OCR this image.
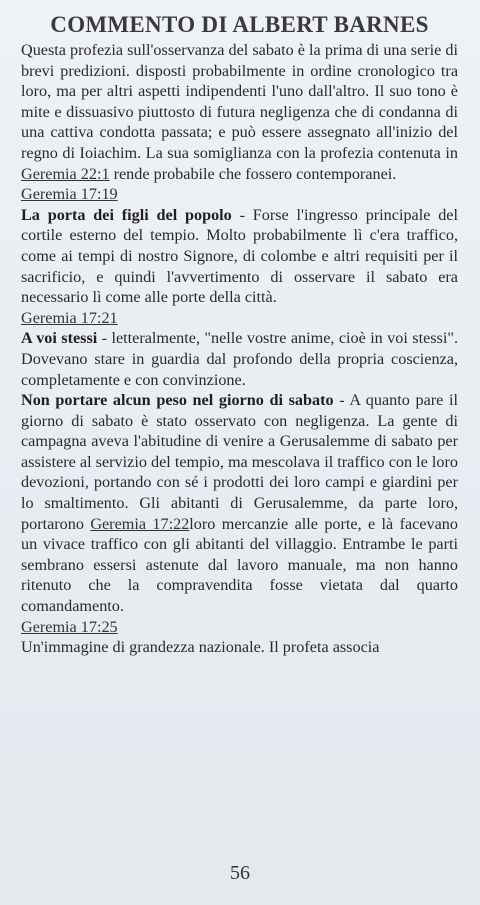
COMMENTO DI ALBERT BARNES

Questa profezia sull'osservanza del sabato è la prima di una serie di brevi predizioni. disposti probabilmente in ordine cronologico tra loro, ma per altri aspetti indipendenti l'uno dall'altro. Il suo tono è mite e dissuasivo piuttosto di futura negligenza che di condanna di una cattiva condotta passata; e può essere assegnato all'inizio del regno di Ioiachim. La sua somiglianza con la profezia contenuta in Geremia 22:1 rende probabile che fossero contemporanei.

Geremia 17:19

La porta dei figli del popolo - Forse l'ingresso principale del cortile esterno del tempio. Molto probabilmente lì c'era traffico, come ai tempi di nostro Signore, di colombe e altri requisiti per il sacrificio, e quindi l'avvertimento di osservare il sabato era necessario lì come alle porte della città.

Geremia 17:21

A voi stessi - letteralmente, "nelle vostre anime, cioè in voi stessi". Dovevano stare in guardia dal profondo della propria coscienza, completamente e con convinzione.

Non portare alcun peso nel giorno di sabato - A quanto pare il giorno di sabato è stato osservato con negligenza. La gente di campagna aveva l'abitudine di venire a Gerusalemme di sabato per assistere al servizio del tempio, ma mescolava il traffico con le loro devozioni, portando con sé i prodotti dei loro campi e giardini per lo smaltimento. Gli abitanti di Gerusalemme, da parte loro, portarono Geremia 17:22loro mercanzie alle porte, e là facevano un vivace traffico con gli abitanti del villaggio. Entrambe le parti sembrano essersi astenute dal lavoro manuale, ma non hanno ritenuto che la compravendita fosse vietata dal quarto comandamento.

Geremia 17:25

Un'immagine di grandezza nazionale. Il profeta associa

56
